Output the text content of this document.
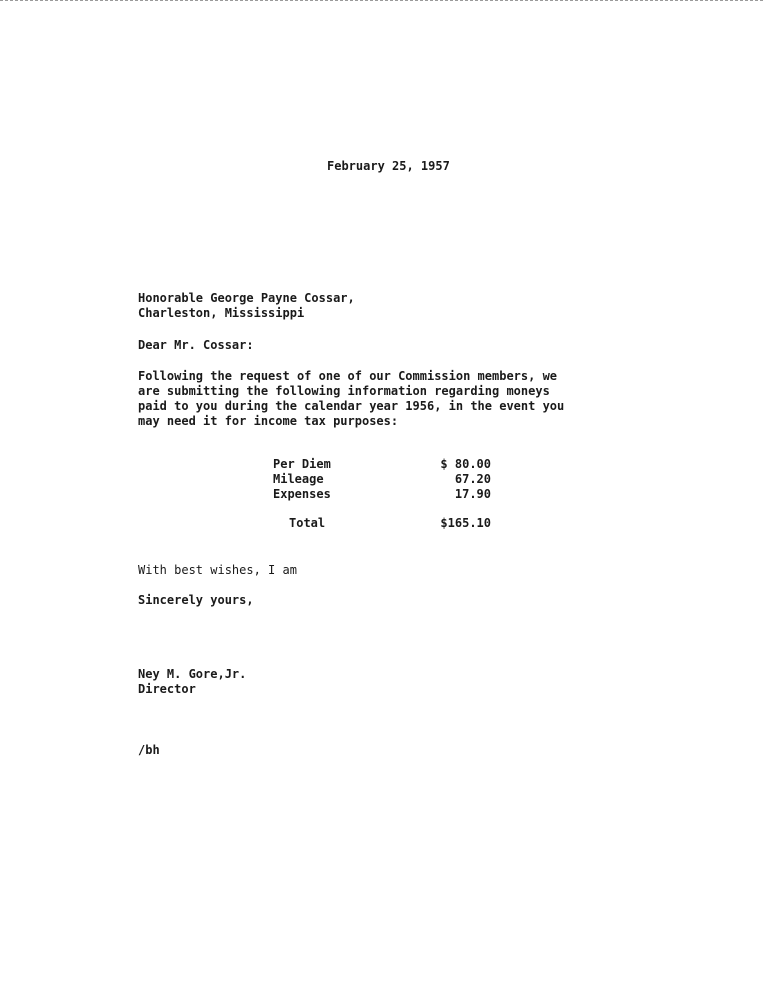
February 25, 1957
Honorable George Payne Cossar,
Charleston, Mississippi
Dear Mr. Cossar:
Following the request of one of our Commission members, we
are submitting the following information regarding moneys
paid to you during the calendar year 1956, in the event you
may need it for income tax purposes:
Per Diem	$ 80.00
Mileage	67.20
Expenses	17.90
Total	$165.10
With best wishes, I am
Sincerely yours,
Ney M. Gore,Jr.
Director
/bh
